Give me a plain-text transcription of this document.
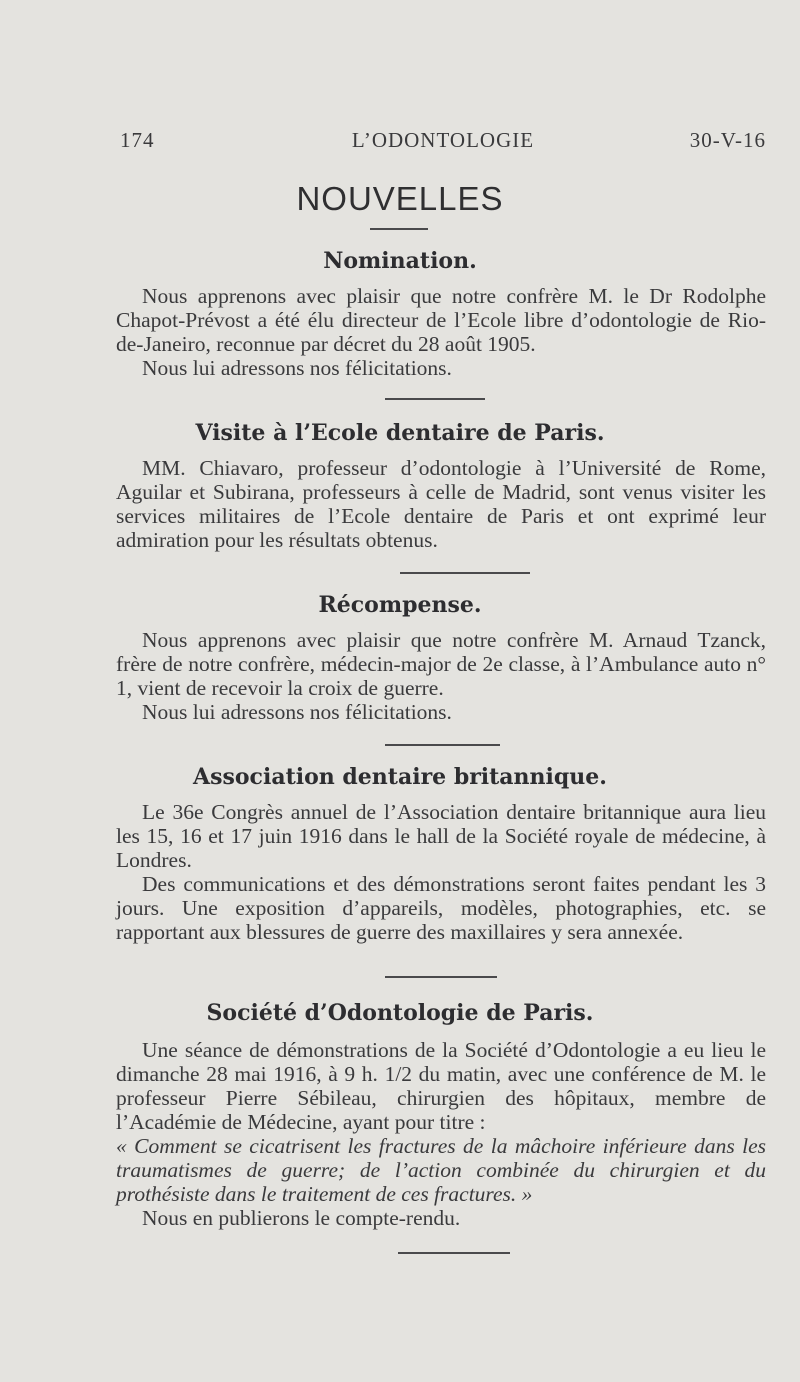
174	L’ODONTOLOGIE	30-V-16
NOUVELLES
Nomination.

Nous apprenons avec plaisir que notre confrère M. le Dr Rodolphe Chapot-Prévost a été élu directeur de l’Ecole libre d’odontologie de Rio-de-Janeiro, reconnue par décret du 28 août 1905.

Nous lui adressons nos félicitations.

Visite à l’Ecole dentaire de Paris.

MM. Chiavaro, professeur d’odontologie à l’Université de Rome, Aguilar et Subirana, professeurs à celle de Madrid, sont venus visiter les services militaires de l’Ecole dentaire de Paris et ont exprimé leur admiration pour les résultats obtenus.

Récompense.

Nous apprenons avec plaisir que notre confrère M. Arnaud Tzanck, frère de notre confrère, médecin-major de 2e classe, à l’Ambulance auto n° 1, vient de recevoir la croix de guerre.

Nous lui adressons nos félicitations.

Association dentaire britannique.

Le 36e Congrès annuel de l’Association dentaire britannique aura lieu les 15, 16 et 17 juin 1916 dans le hall de la Société royale de médecine, à Londres.

Des communications et des démonstrations seront faites pendant les 3 jours. Une exposition d’appareils, modèles, photographies, etc. se rapportant aux blessures de guerre des maxillaires y sera annexée.

Société d’Odontologie de Paris.

Une séance de démonstrations de la Société d’Odontologie a eu lieu le dimanche 28 mai 1916, à 9 h. 1/2 du matin, avec une conférence de M. le professeur Pierre Sébileau, chirurgien des hôpitaux, membre de l’Académie de Médecine, ayant pour titre :

« Comment se cicatrisent les fractures de la mâchoire inférieure dans les traumatismes de guerre; de l’action combinée du chirurgien et du prothésiste dans le traitement de ces fractures. »

Nous en publierons le compte-rendu.
